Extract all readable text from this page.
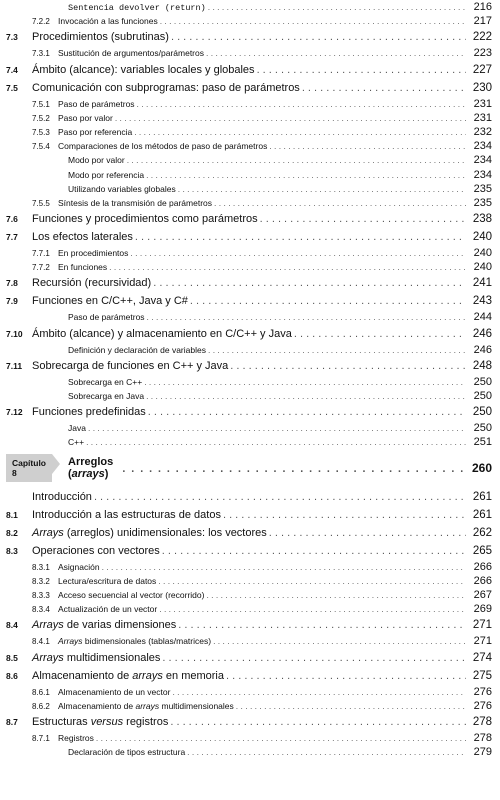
Sentencia devolver (return) . . .	216
7.2.2 Invocación a las funciones . . .	217
7.3	Procedimientos (subrutinas) . . .	222
7.3.1 Sustitución de argumentos/parámetros . . .	223
7.4	Ámbito (alcance): variables locales y globales . . .	227
7.5	Comunicación con subprogramas: paso de parámetros . . .	230
7.5.1 Paso de parámetros . . .	231
7.5.2 Paso por valor . . .	231
7.5.3 Paso por referencia . . .	232
7.5.4 Comparaciones de los métodos de paso de parámetros . . .	234
Modo por valor . . .	234
Modo por referencia . . .	234
Utilizando variables globales . . .	235
7.5.5 Síntesis de la transmisión de parámetros . . .	235
7.6	Funciones y procedimientos como parámetros . . .	238
7.7	Los efectos laterales . . .	240
7.7.1 En procedimientos . . .	240
7.7.2 En funciones . . .	240
7.8	Recursión (recursividad) . . .	241
7.9	Funciones en C/C++, Java y C# . . .	243
Paso de parámetros . . .	244
7.10 Ámbito (alcance) y almacenamiento en C/C++ y Java . . .	246
Definición y declaración de variables . . .	246
7.11 Sobrecarga de funciones en C++ y Java . . .	248
Sobrecarga en C++ . . .	250
Sobrecarga en Java . . .	250
7.12 Funciones predefinidas . . .	250
Java . . .	250
C++ . . .	251
Capítulo 8
Arreglos (arrays) . . .	260
Introducción . . .	261
8.1	Introducción a las estructuras de datos . . .	261
8.2	Arrays (arreglos) unidimensionales: los vectores . . .	262
8.3	Operaciones con vectores . . .	265
8.3.1 Asignación . . .	266
8.3.2 Lectura/escritura de datos . . .	266
8.3.3 Acceso secuencial al vector (recorrido) . . .	267
8.3.4 Actualización de un vector . . .	269
8.4	Arrays de varias dimensiones . . .	271
8.4.1 Arrays bidimensionales (tablas/matrices) . . .	271
8.5	Arrays multidimensionales . . .	274
8.6	Almacenamiento de arrays en memoria . . .	275
8.6.1 Almacenamiento de un vector . . .	276
8.6.2 Almacenamiento de arrays multidimensionales . . .	276
8.7	Estructuras versus registros . . .	278
8.7.1 Registros . . .	278
Declaración de tipos estructura . . .	279
